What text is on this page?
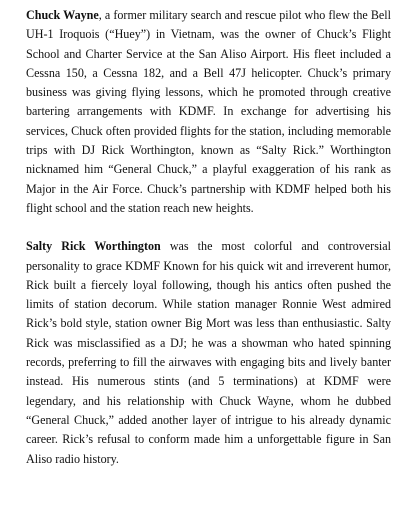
Chuck Wayne, a former military search and rescue pilot who flew the Bell UH-1 Iroquois (“Huey”) in Vietnam, was the owner of Chuck’s Flight School and Charter Service at the San Aliso Airport. His fleet included a Cessna 150, a Cessna 182, and a Bell 47J helicopter. Chuck’s primary business was giving flying lessons, which he promoted through creative bartering arrangements with KDMF. In exchange for advertising his services, Chuck often provided flights for the station, including memorable trips with DJ Rick Worthington, known as “Salty Rick.” Worthington nicknamed him “General Chuck,” a playful exaggeration of his rank as Major in the Air Force. Chuck’s partnership with KDMF helped both his flight school and the station reach new heights.

Salty Rick Worthington was the most colorful and controversial personality to grace KDMF Known for his quick wit and irreverent humor, Rick built a fiercely loyal following, though his antics often pushed the limits of station decorum. While station manager Ronnie West admired Rick’s bold style, station owner Big Mort was less than enthusiastic. Salty Rick was misclassified as a DJ; he was a showman who hated spinning records, preferring to fill the airwaves with engaging bits and lively banter instead. His numerous stints (and 5 terminations) at KDMF were legendary, and his relationship with Chuck Wayne, whom he dubbed “General Chuck,” added another layer of intrigue to his already dynamic career. Rick’s refusal to conform made him a unforgettable figure in San Aliso radio history.
